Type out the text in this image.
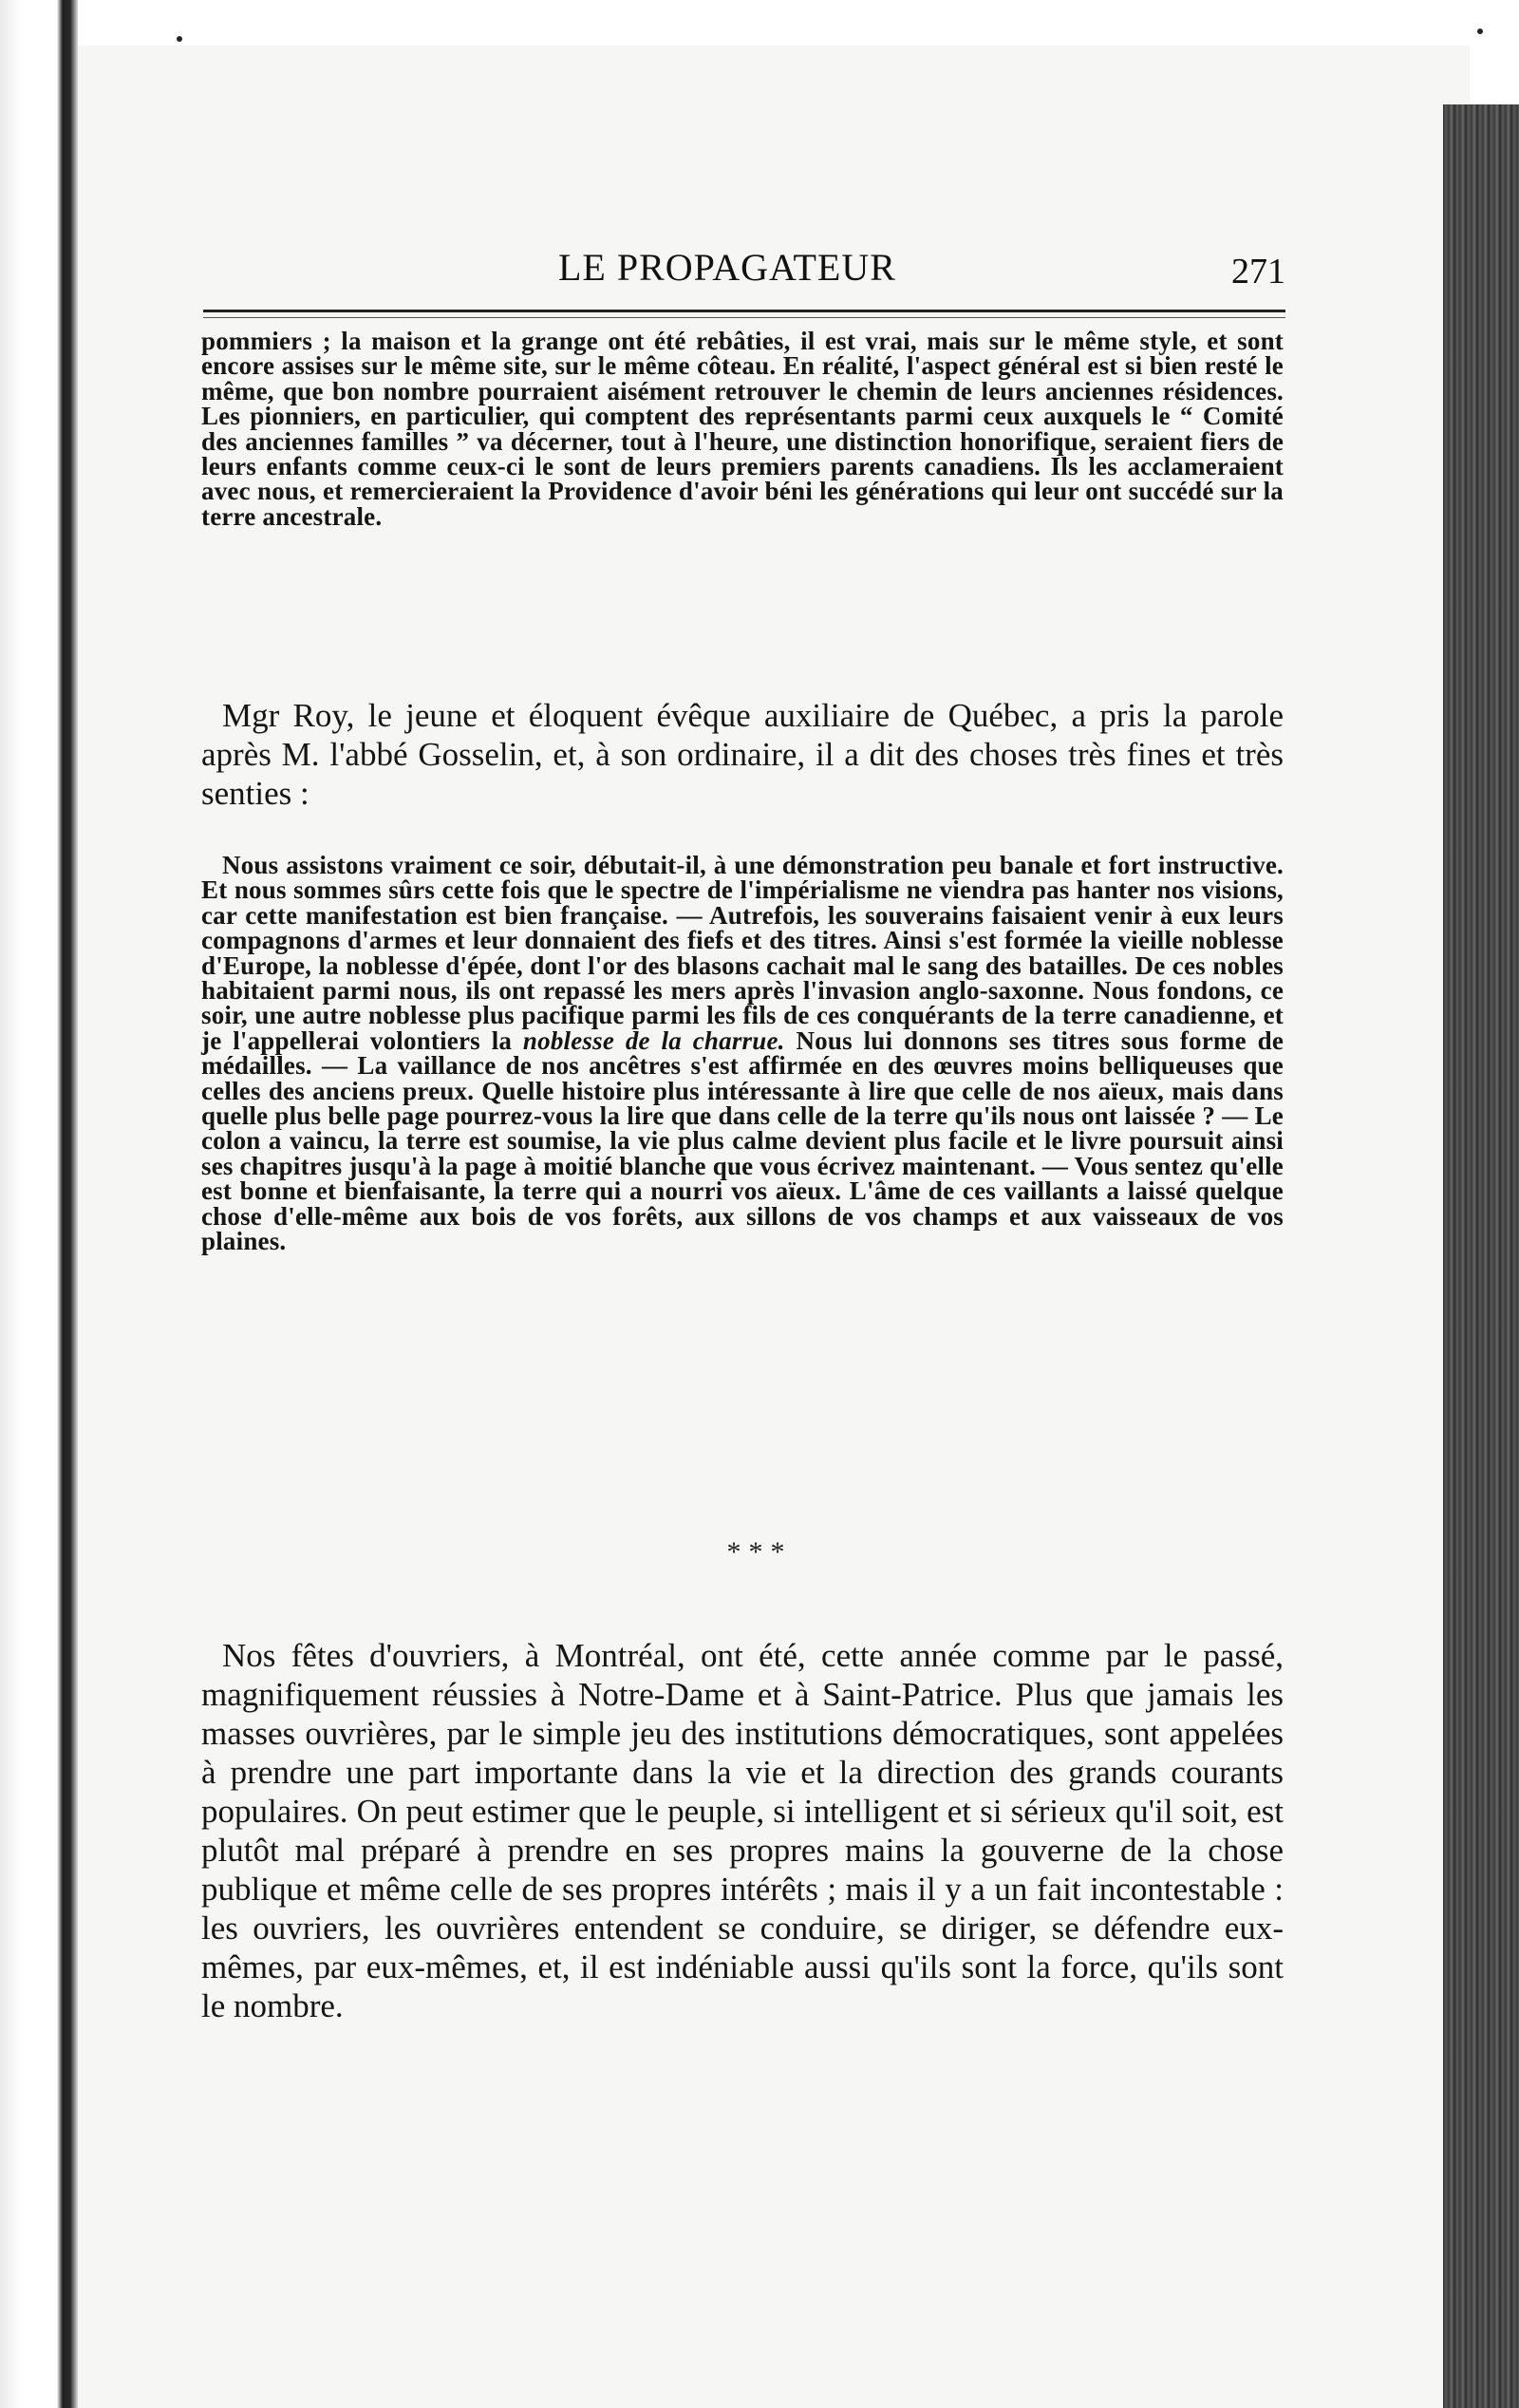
LE PROPAGATEUR	271

pommiers ; la maison et la grange ont été rebâties, il est vrai, mais sur le même style, et sont encore assises sur le même site, sur le même côteau. En réalité, l'aspect général est si bien resté le même, que bon nombre pourraient aisément retrouver le chemin de leurs anciennes résidences. Les pionniers, en particulier, qui comptent des représentants parmi ceux auxquels le “ Comité des anciennes familles ” va décerner, tout à l'heure, une distinction honorifique, seraient fiers de leurs enfants comme ceux-ci le sont de leurs premiers parents canadiens. Ils les acclameraient avec nous, et remercieraient la Providence d'avoir béni les générations qui leur ont succédé sur la terre ancestrale.

Mgr Roy, le jeune et éloquent évêque auxiliaire de Québec, a pris la parole après M. l'abbé Gosselin, et, à son ordinaire, il a dit des choses très fines et très senties :

Nous assistons vraiment ce soir, débutait-il, à une démonstration peu banale et fort instructive. Et nous sommes sûrs cette fois que le spectre de l'impérialisme ne viendra pas hanter nos visions, car cette manifestation est bien française. — Autrefois, les souverains faisaient venir à eux leurs compagnons d'armes et leur donnaient des fiefs et des titres. Ainsi s'est formée la vieille noblesse d'Europe, la noblesse d'épée, dont l'or des blasons cachait mal le sang des batailles. De ces nobles habitaient parmi nous, ils ont repassé les mers après l'invasion anglo-saxonne. Nous fondons, ce soir, une autre noblesse plus pacifique parmi les fils de ces conquérants de la terre canadienne, et je l'appellerai volontiers la noblesse de la charrue. Nous lui donnons ses titres sous forme de médailles. — La vaillance de nos ancêtres s'est affirmée en des œuvres moins belliqueuses que celles des anciens preux. Quelle histoire plus intéressante à lire que celle de nos aïeux, mais dans quelle plus belle page pourrez-vous la lire que dans celle de la terre qu'ils nous ont laissée ? — Le colon a vaincu, la terre est soumise, la vie plus calme devient plus facile et le livre poursuit ainsi ses chapitres jusqu'à la page à moitié blanche que vous écrivez maintenant. — Vous sentez qu'elle est bonne et bienfaisante, la terre qui a nourri vos aïeux. L'âme de ces vaillants a laissé quelque chose d'elle-même aux bois de vos forêts, aux sillons de vos champs et aux vaisseaux de vos plaines.

***

Nos fêtes d'ouvriers, à Montréal, ont été, cette année comme par le passé, magnifiquement réussies à Notre-Dame et à Saint-Patrice. Plus que jamais les masses ouvrières, par le simple jeu des institutions démocratiques, sont appelées à prendre une part importante dans la vie et la direction des grands courants populaires. On peut estimer que le peuple, si intelligent et si sérieux qu'il soit, est plutôt mal préparé à prendre en ses propres mains la gouverne de la chose publique et même celle de ses propres intérêts ; mais il y a un fait incontestable : les ouvriers, les ouvrières entendent se conduire, se diriger, se défendre eux-mêmes, par eux-mêmes, et, il est indéniable aussi qu'ils sont la force, qu'ils sont le nombre.
